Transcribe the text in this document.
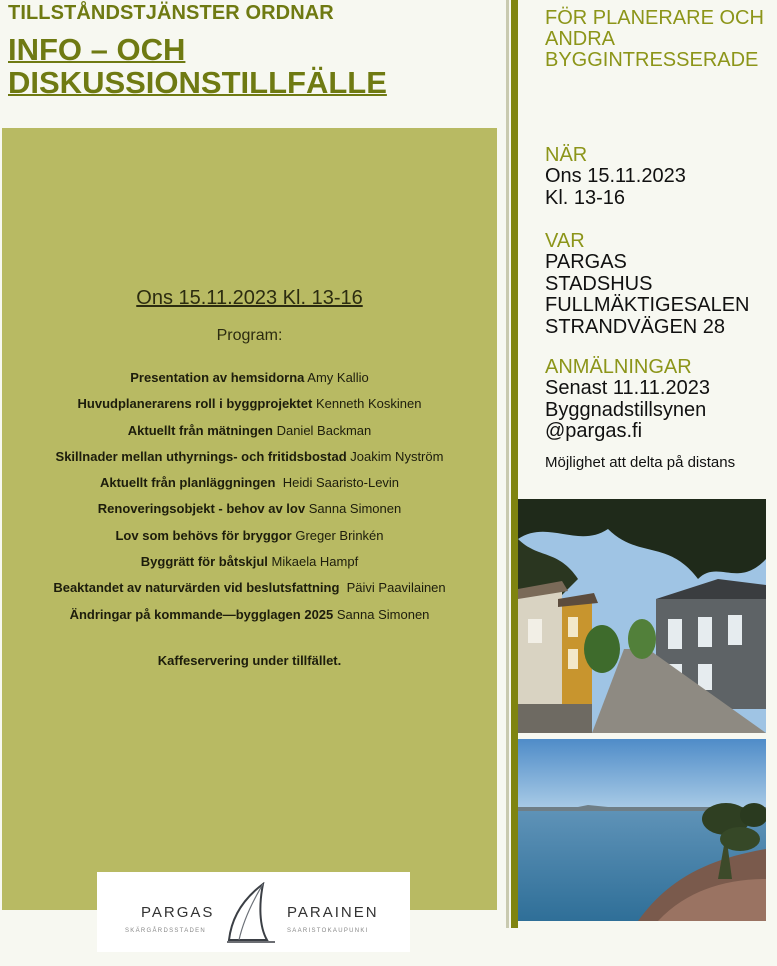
TILLSTÅNDSTJÄNSTER ORDNAR

INFO – OCH
DISKUSSIONSTILLFÄLLE
Ons 15.11.2023 Kl. 13-16
Program:
Presentation av hemsidorna Amy Kallio
Huvudplanerarens roll i byggprojektet Kenneth Koskinen
Aktuellt från mätningen Daniel Backman
Skillnader mellan uthyrnings- och fritidsbostad Joakim Nyström
Aktuellt från planläggningen Heidi Saaristo-Levin
Renoveringsobjekt - behov av lov Sanna Simonen
Lov som behövs för bryggor Greger Brinkén
Byggrätt för båtskjul Mikaela Hampf
Beaktandet av naturvärden vid beslutsfattning Päivi Paavilainen
Ändringar på kommande—bygglagen 2025 Sanna Simonen
Kaffeservering under tillfället.
PARGAS
SKÄRGÅRDSSTADEN
PARAINEN
SAARISTOKAUPUNKI
FÖR PLANERARE OCH
ANDRA
BYGGINTRESSERADE
NÄR
Ons 15.11.2023
Kl. 13-16
VAR
PARGAS
STADSHUS
FULLMÄKTIGESALEN
STRANDVÄGEN 28
ANMÄLNINGAR
Senast 11.11.2023
Byggnadstillsynen
@pargas.fi
Möjlighet att delta på distans
